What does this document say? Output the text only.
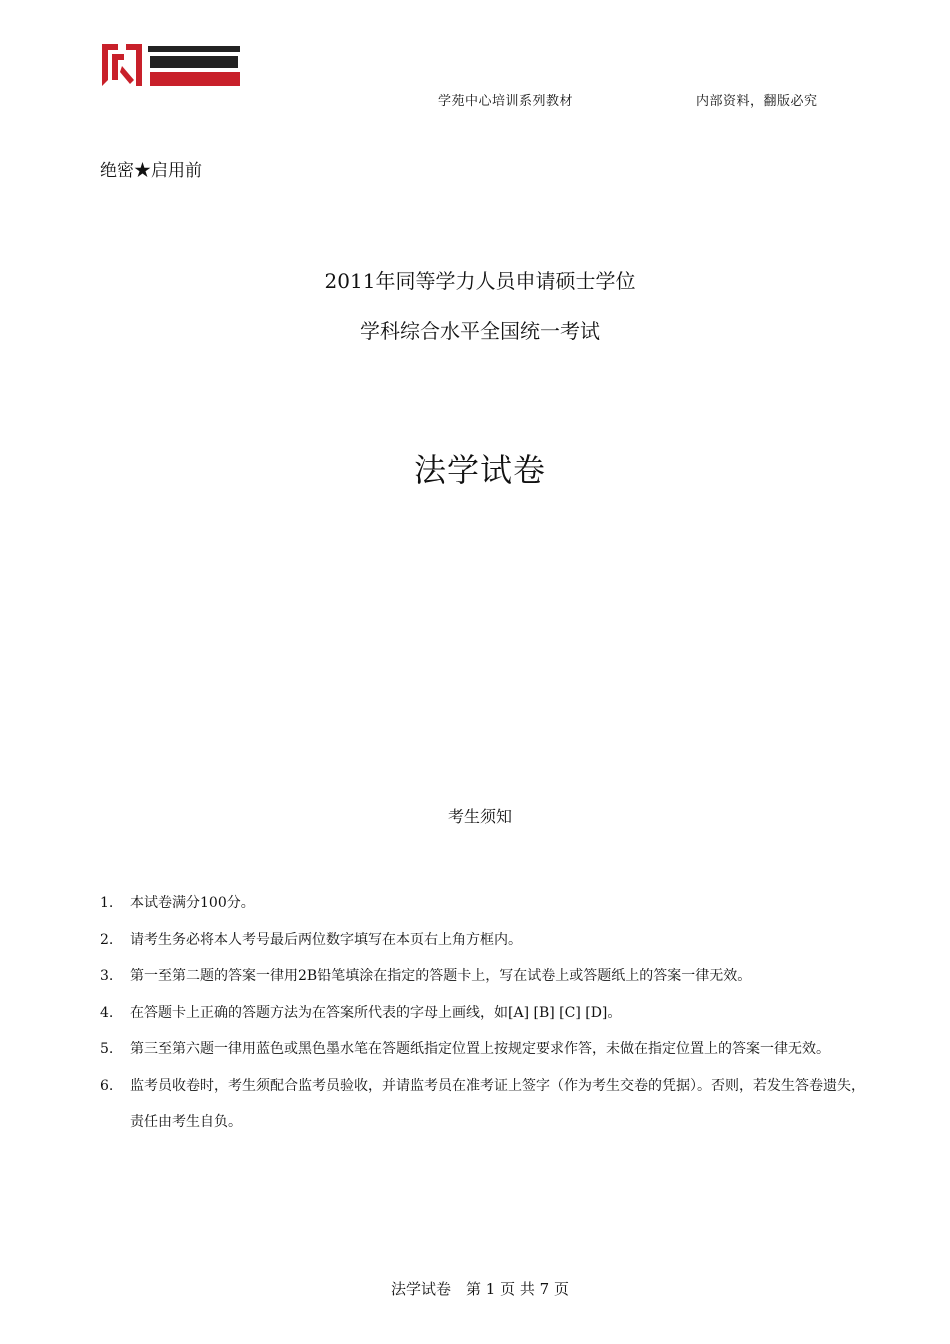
学苑中心培训系列教材	内部资料，翻版必究
绝密★启用前
2011年同等学力人员申请硕士学位
学科综合水平全国统一考试
法学试卷
考生须知
1. 本试卷满分100分。
2. 请考生务必将本人考号最后两位数字填写在本页右上角方框内。
3. 第一至第二题的答案一律用2B铅笔填涂在指定的答题卡上，写在试卷上或答题纸上的答案一律无效。
4. 在答题卡上正确的答题方法为在答案所代表的字母上画线，如[A] [B] [C] [D]。
5. 第三至第六题一律用蓝色或黑色墨水笔在答题纸指定位置上按规定要求作答，未做在指定位置上的答案一律无效。
6. 监考员收卷时，考生须配合监考员验收，并请监考员在准考证上签字（作为考生交卷的凭据）。否则，若发生答卷遗失，责任由考生自负。
法学试卷　第 1 页 共 7 页
